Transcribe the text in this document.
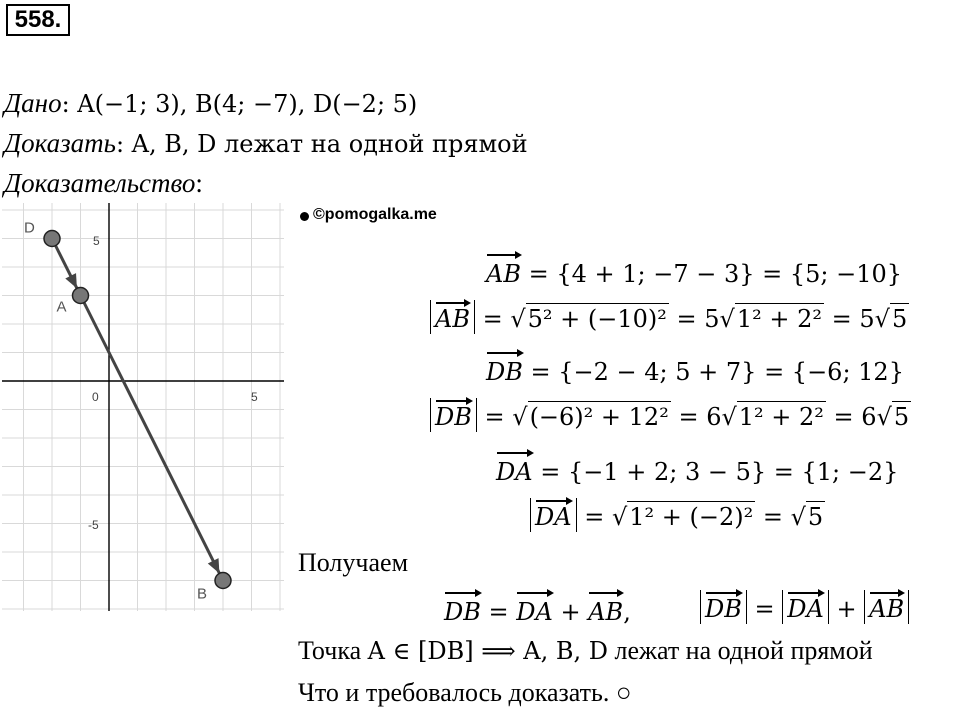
558.
Дано: A(−1; 3), B(4; −7), D(−2; 5)
Доказать: A, B, D лежат на одной прямой
Доказательство:
0	5
5
-5
D
A
B
©pomogalka.me
AB = {4 + 1; −7 − 3} = {5; −10}
AB = √5² + (−10)² = 5√1² + 2² = 5√5
DB = {−2 − 4; 5 + 7} = {−6; 12}
DB = √(−6)² + 12² = 6√1² + 2² = 6√5
DA = {−1 + 2; 3 − 5} = {1; −2}
DA = √1² + (−2)² = √5
Получаем
DB = DA + AB,	DB = DA + AB
Точка A ∈ [DB] ⟹ A, B, D лежат на одной прямой
Что и требовалось доказать. ○
